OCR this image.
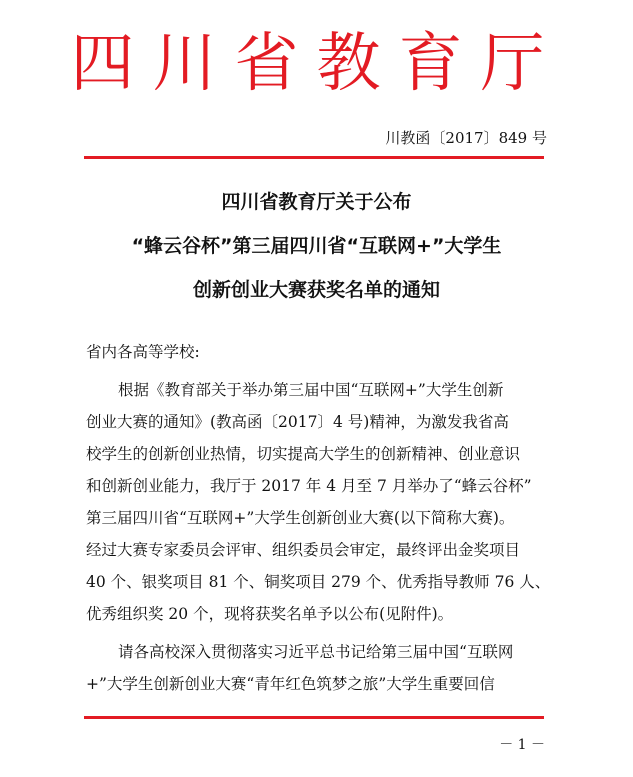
四川省教育厅
川教函〔2017〕849 号
四川省教育厅关于公布
“蜂云谷杯”第三届四川省“互联网+”大学生
创新创业大赛获奖名单的通知
省内各高等学校:
根据《教育部关于举办第三届中国“互联网+”大学生创新
创业大赛的通知》(教高函〔2017〕4 号)精神，为激发我省高
校学生的创新创业热情，切实提高大学生的创新精神、创业意识
和创新创业能力，我厅于 2017 年 4 月至 7 月举办了“蜂云谷杯”
第三届四川省“互联网+”大学生创新创业大赛(以下简称大赛)。
经过大赛专家委员会评审、组织委员会审定，最终评出金奖项目
40 个、银奖项目 81 个、铜奖项目 279 个、优秀指导教师 76 人、
优秀组织奖 20 个，现将获奖名单予以公布(见附件)。
请各高校深入贯彻落实习近平总书记给第三届中国“互联网
+”大学生创新创业大赛“青年红色筑梦之旅”大学生重要回信
－ 1 －
